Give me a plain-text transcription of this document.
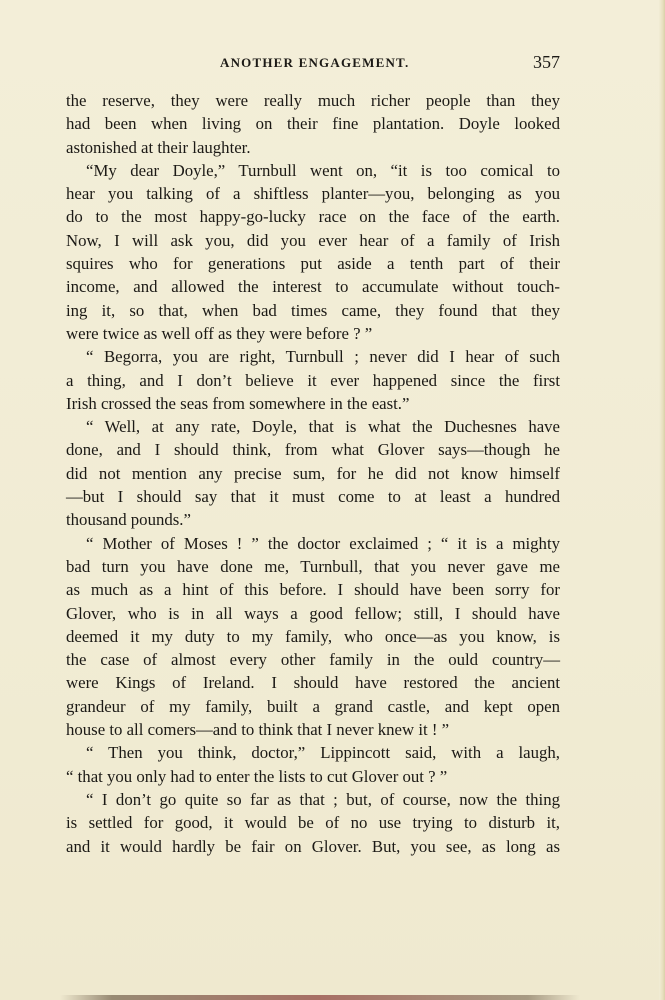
ANOTHER ENGAGEMENT.	357
the reserve, they were really much richer people than they
had been when living on their fine plantation. Doyle looked
astonished at their laughter.
“My dear Doyle,” Turnbull went on, “it is too comical to
hear you talking of a shiftless planter—you, belonging as you
do to the most happy-go-lucky race on the face of the earth.
Now, I will ask you, did you ever hear of a family of Irish
squires who for generations put aside a tenth part of their
income, and allowed the interest to accumulate without touch-
ing it, so that, when bad times came, they found that they
were twice as well off as they were before ? ”
“ Begorra, you are right, Turnbull ; never did I hear of such
a thing, and I don’t believe it ever happened since the first
Irish crossed the seas from somewhere in the east.”
“ Well, at any rate, Doyle, that is what the Duchesnes have
done, and I should think, from what Glover says—though he
did not mention any precise sum, for he did not know himself
—but I should say that it must come to at least a hundred
thousand pounds.”
“ Mother of Moses ! ” the doctor exclaimed ; “ it is a mighty
bad turn you have done me, Turnbull, that you never gave me
as much as a hint of this before. I should have been sorry for
Glover, who is in all ways a good fellow; still, I should have
deemed it my duty to my family, who once—as you know, is
the case of almost every other family in the ould country—
were Kings of Ireland. I should have restored the ancient
grandeur of my family, built a grand castle, and kept open
house to all comers—and to think that I never knew it ! ”
“ Then you think, doctor,” Lippincott said, with a laugh,
“ that you only had to enter the lists to cut Glover out ? ”
“ I don’t go quite so far as that ; but, of course, now the thing
is settled for good, it would be of no use trying to disturb it,
and it would hardly be fair on Glover. But, you see, as long as
